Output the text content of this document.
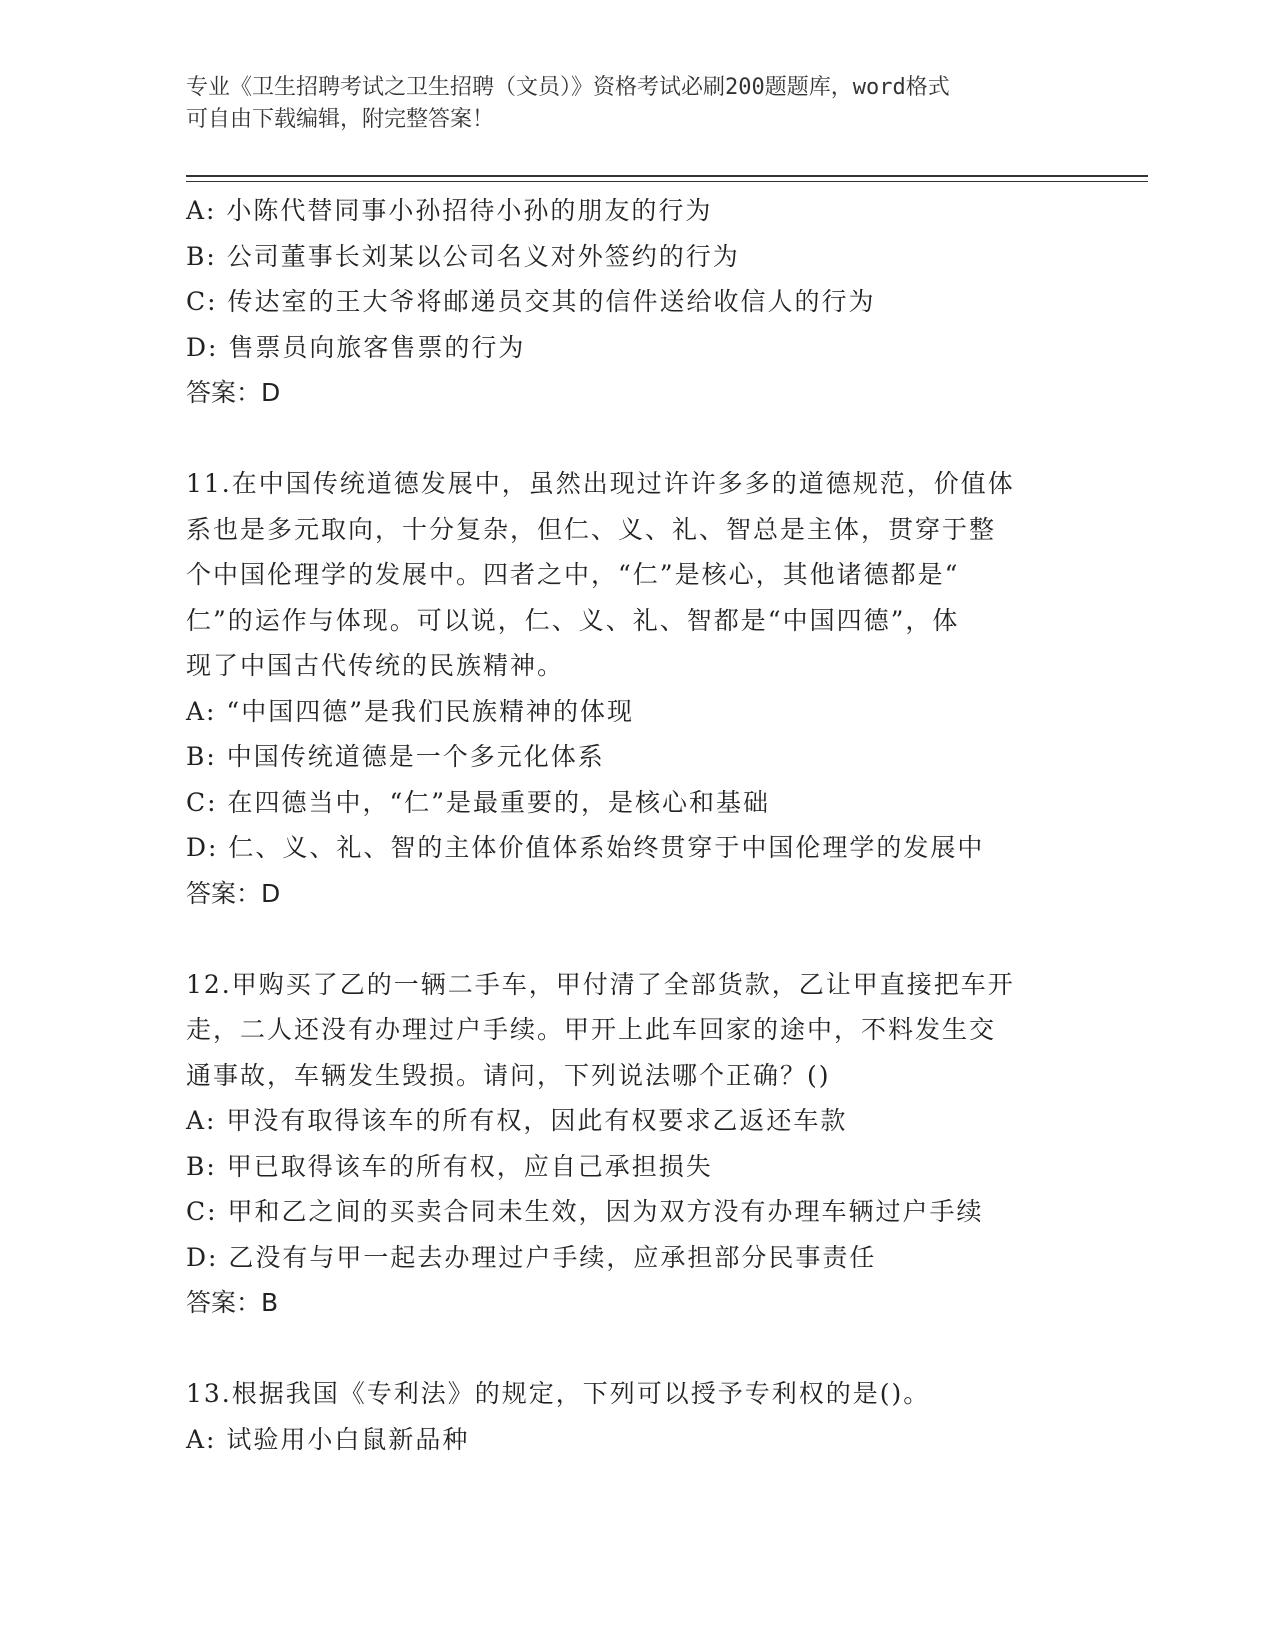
专业《卫生招聘考试之卫生招聘（文员）》资格考试必刷200题题库，word格式
可自由下载编辑，附完整答案！
A: 小陈代替同事小孙招待小孙的朋友的行为
B: 公司董事长刘某以公司名义对外签约的行为
C: 传达室的王大爷将邮递员交其的信件送给收信人的行为
D: 售票员向旅客售票的行为
答案：D
11.在中国传统道德发展中，虽然出现过许许多多的道德规范，价值体
系也是多元取向，十分复杂，但仁、义、礼、智总是主体，贯穿于整
个中国伦理学的发展中。四者之中，“仁”是核心，其他诸德都是“
仁”的运作与体现。可以说，仁、义、礼、智都是“中国四德”，体
现了中国古代传统的民族精神。
A: “中国四德”是我们民族精神的体现
B: 中国传统道德是一个多元化体系
C: 在四德当中，“仁”是最重要的，是核心和基础
D: 仁、义、礼、智的主体价值体系始终贯穿于中国伦理学的发展中
答案：D
12.甲购买了乙的一辆二手车，甲付清了全部货款，乙让甲直接把车开
走，二人还没有办理过户手续。甲开上此车回家的途中，不料发生交
通事故，车辆发生毁损。请问，下列说法哪个正确？()
A: 甲没有取得该车的所有权，因此有权要求乙返还车款
B: 甲已取得该车的所有权，应自己承担损失
C: 甲和乙之间的买卖合同未生效，因为双方没有办理车辆过户手续
D: 乙没有与甲一起去办理过户手续，应承担部分民事责任
答案：B
13.根据我国《专利法》的规定，下列可以授予专利权的是()。
A: 试验用小白鼠新品种
